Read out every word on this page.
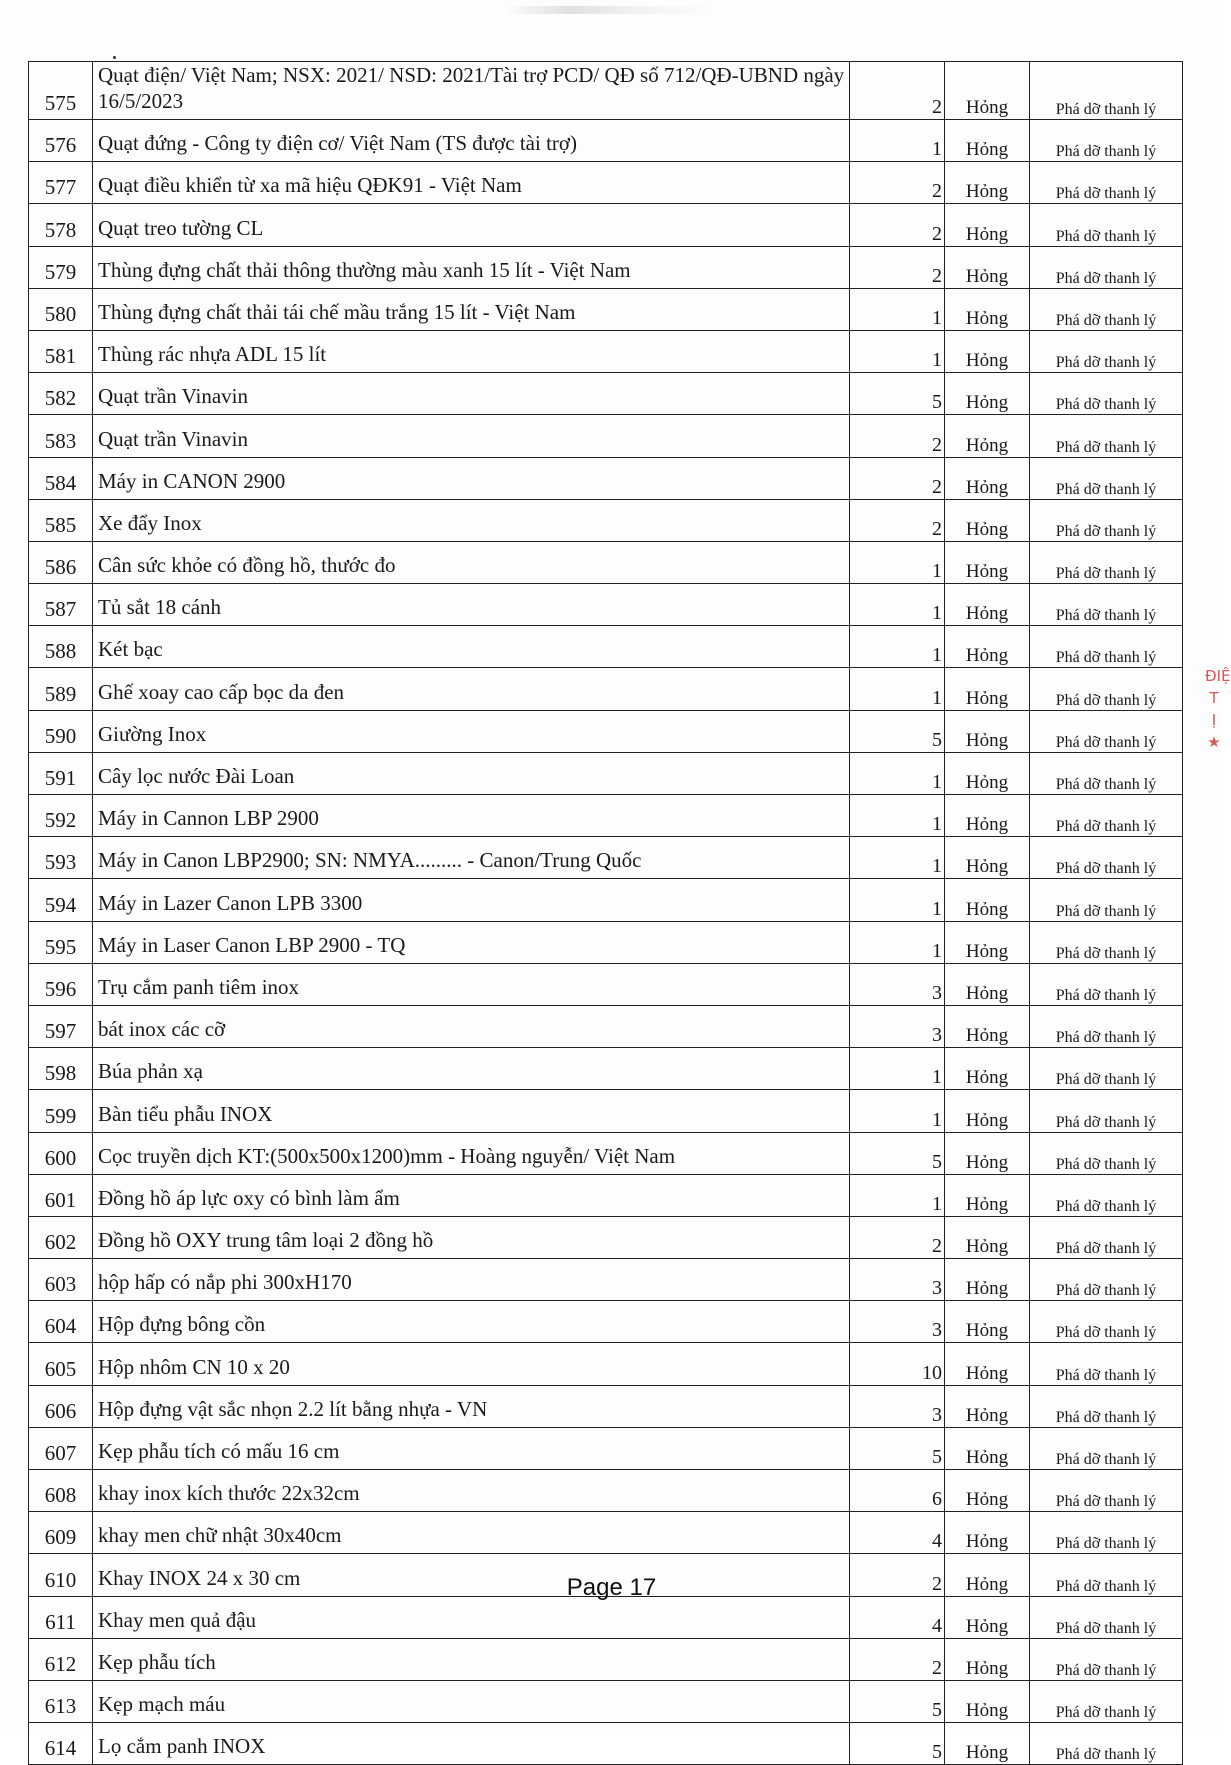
ĐIỆ
T
Ị
★
575	Quạt điện/ Việt Nam; NSX: 2021/ NSD: 2021/Tài trợ PCD/ QĐ số 712/QĐ-UBND ngày 16/5/2023	2	Hỏng	Phá dỡ thanh lý
576	Quạt đứng - Công ty điện cơ/ Việt Nam (TS được tài trợ)	1	Hỏng	Phá dỡ thanh lý
577	Quạt điều khiển từ xa mã hiệu QĐK91 - Việt Nam	2	Hỏng	Phá dỡ thanh lý
578	Quạt treo tường CL	2	Hỏng	Phá dỡ thanh lý
579	Thùng đựng chất thải thông thường màu xanh 15 lít - Việt Nam	2	Hỏng	Phá dỡ thanh lý
580	Thùng đựng chất thải tái chế mầu trắng 15 lít - Việt Nam	1	Hỏng	Phá dỡ thanh lý
581	Thùng rác nhựa ADL 15 lít	1	Hỏng	Phá dỡ thanh lý
582	Quạt trần Vinavin	5	Hỏng	Phá dỡ thanh lý
583	Quạt trần Vinavin	2	Hỏng	Phá dỡ thanh lý
584	Máy in CANON 2900	2	Hỏng	Phá dỡ thanh lý
585	Xe đẩy Inox	2	Hỏng	Phá dỡ thanh lý
586	Cân sức khỏe có đồng hồ, thước đo	1	Hỏng	Phá dỡ thanh lý
587	Tủ sắt 18 cánh	1	Hỏng	Phá dỡ thanh lý
588	Két bạc	1	Hỏng	Phá dỡ thanh lý
589	Ghế xoay cao cấp bọc da đen	1	Hỏng	Phá dỡ thanh lý
590	Giường Inox	5	Hỏng	Phá dỡ thanh lý
591	Cây lọc nước Đài Loan	1	Hỏng	Phá dỡ thanh lý
592	Máy in Cannon LBP 2900	1	Hỏng	Phá dỡ thanh lý
593	Máy in Canon LBP2900; SN: NMYA......... - Canon/Trung Quốc	1	Hỏng	Phá dỡ thanh lý
594	Máy in Lazer Canon LPB 3300	1	Hỏng	Phá dỡ thanh lý
595	Máy in Laser Canon LBP 2900 - TQ	1	Hỏng	Phá dỡ thanh lý
596	Trụ cắm panh tiêm inox	3	Hỏng	Phá dỡ thanh lý
597	bát inox các cỡ	3	Hỏng	Phá dỡ thanh lý
598	Búa phản xạ	1	Hỏng	Phá dỡ thanh lý
599	Bàn tiểu phẫu INOX	1	Hỏng	Phá dỡ thanh lý
600	Cọc truyền dịch KT:(500x500x1200)mm - Hoàng nguyễn/ Việt Nam	5	Hỏng	Phá dỡ thanh lý
601	Đồng hồ áp lực oxy có bình làm ẩm	1	Hỏng	Phá dỡ thanh lý
602	Đồng hồ OXY trung tâm loại 2 đồng hồ	2	Hỏng	Phá dỡ thanh lý
603	hộp hấp có nắp phi 300xH170	3	Hỏng	Phá dỡ thanh lý
604	Hộp đựng bông cồn	3	Hỏng	Phá dỡ thanh lý
605	Hộp nhôm CN 10 x 20	10	Hỏng	Phá dỡ thanh lý
606	Hộp đựng vật sắc nhọn 2.2 lít bằng nhựa - VN	3	Hỏng	Phá dỡ thanh lý
607	Kẹp phẫu tích có mấu 16 cm	5	Hỏng	Phá dỡ thanh lý
608	khay inox kích thước 22x32cm	6	Hỏng	Phá dỡ thanh lý
609	khay men chữ nhật 30x40cm	4	Hỏng	Phá dỡ thanh lý
610	Khay INOX 24 x 30 cm	2	Hỏng	Phá dỡ thanh lý
611	Khay men quả đậu	4	Hỏng	Phá dỡ thanh lý
612	Kẹp phẫu tích	2	Hỏng	Phá dỡ thanh lý
613	Kẹp mạch máu	5	Hỏng	Phá dỡ thanh lý
614	Lọ cắm panh INOX	5	Hỏng	Phá dỡ thanh lý
Page 17
